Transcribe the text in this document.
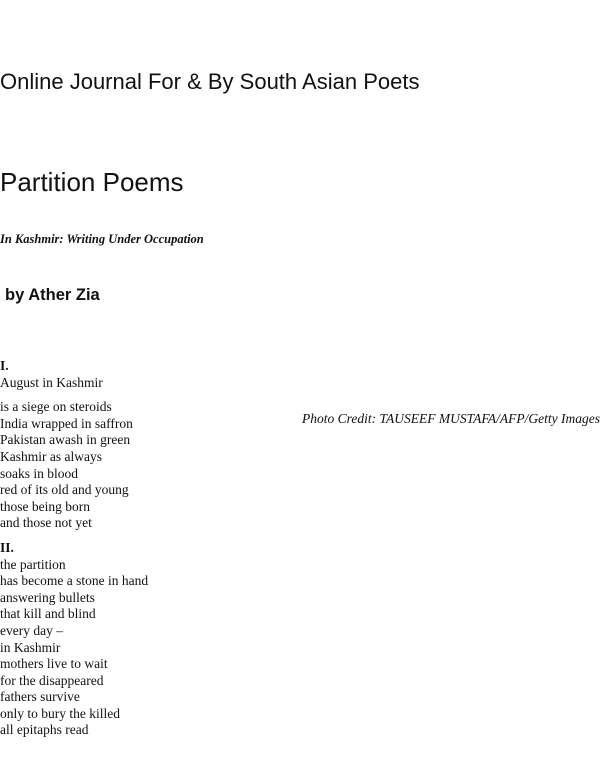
Online Journal For & By South Asian Poets
Partition Poems
In Kashmir: Writing Under Occupation
by Ather Zia
Photo Credit: TAUSEEF MUSTAFA/AFP/Getty Images
I.
August in Kashmir
is a siege on steroids
India wrapped in saffron
Pakistan awash in green
Kashmir as always
soaks in blood
red of its old and young
those being born
and those not yet
II.
the partition
has become a stone in hand
answering bullets
that kill and blind
every day –
in Kashmir
mothers live to wait
for the disappeared
fathers survive
only to bury the killed
all epitaphs read
